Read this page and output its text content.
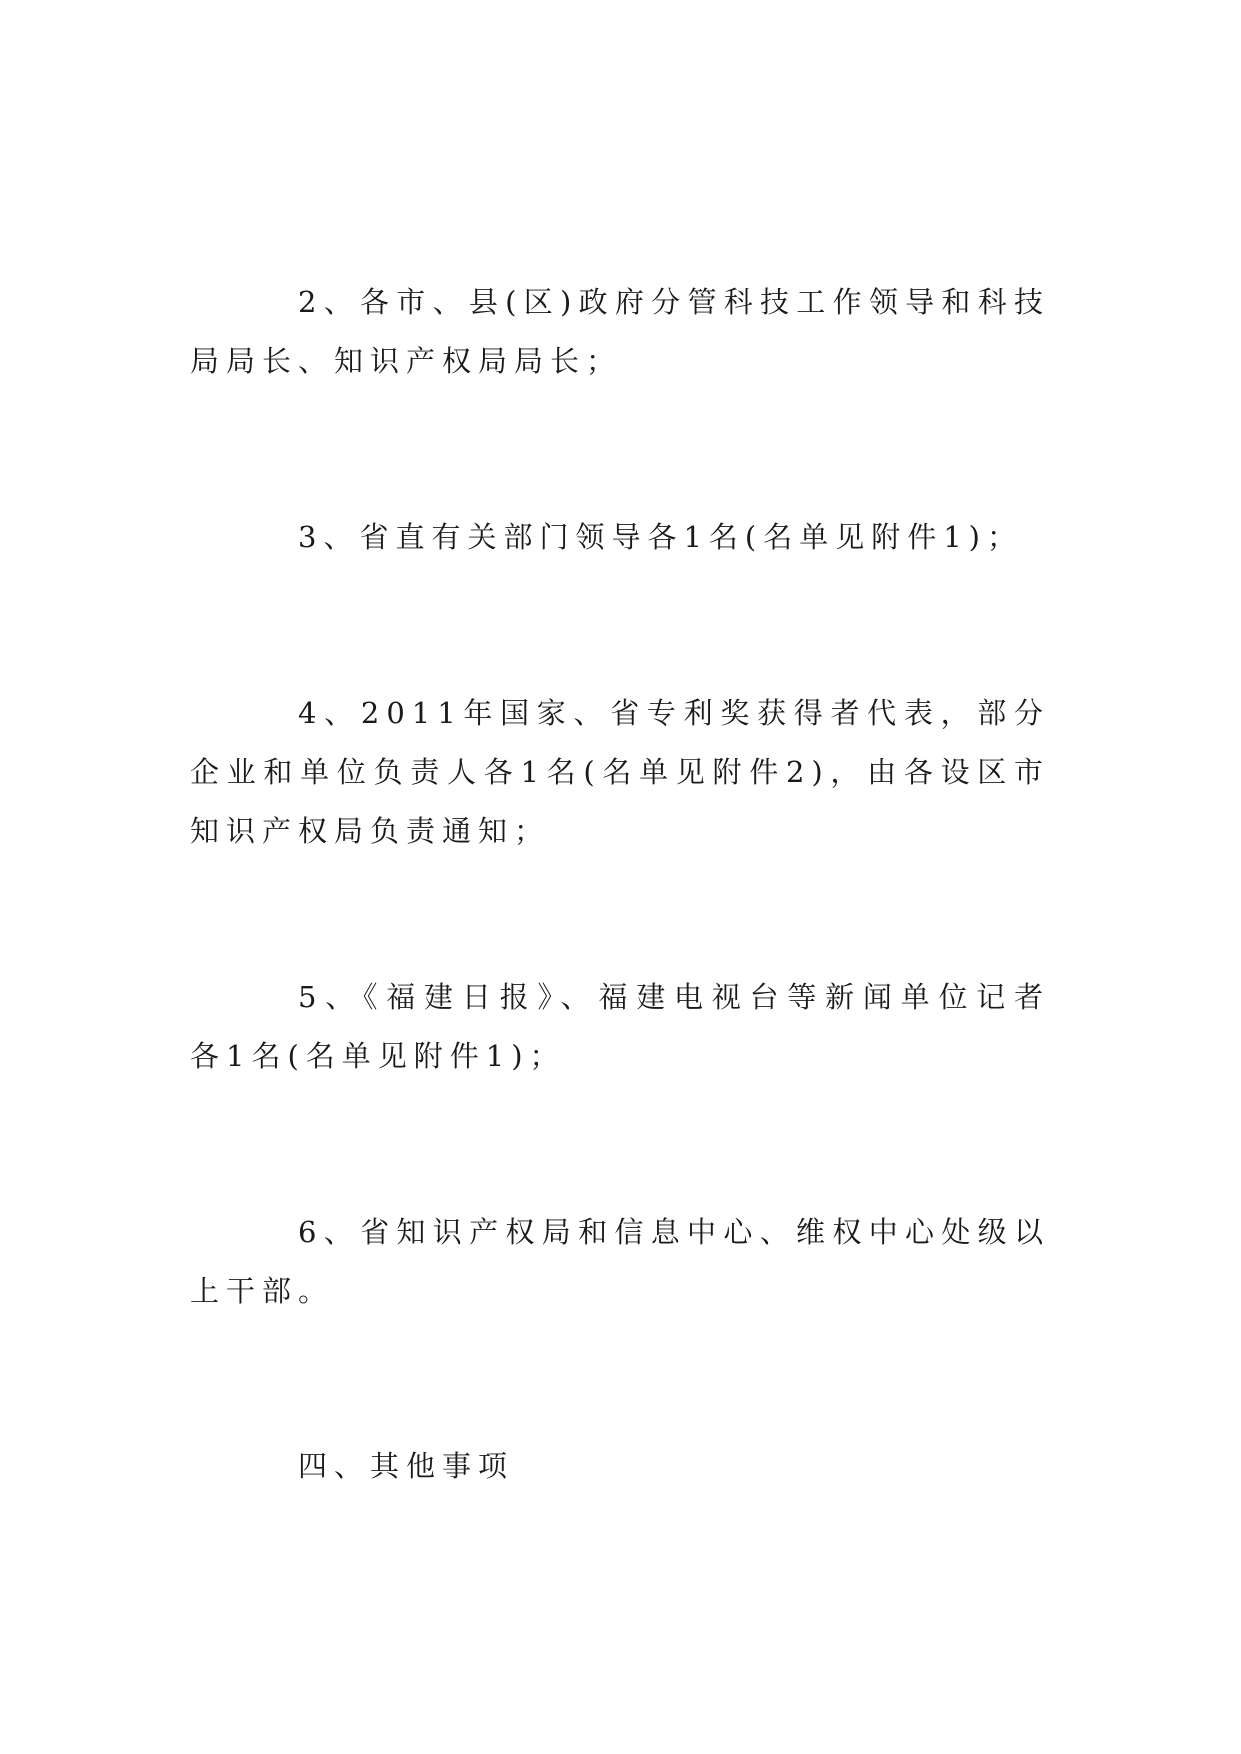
2、各市、县(区)政府分管科技工作领导和科技局局长、知识产权局局长；

3、省直有关部门领导各1名(名单见附件1)；

4、2011年国家、省专利奖获得者代表，部分企业和单位负责人各1名(名单见附件2)，由各设区市知识产权局负责通知；

5、《福建日报》、福建电视台等新闻单位记者各1名(名单见附件1)；

6、省知识产权局和信息中心、维权中心处级以上干部。

四、其他事项
